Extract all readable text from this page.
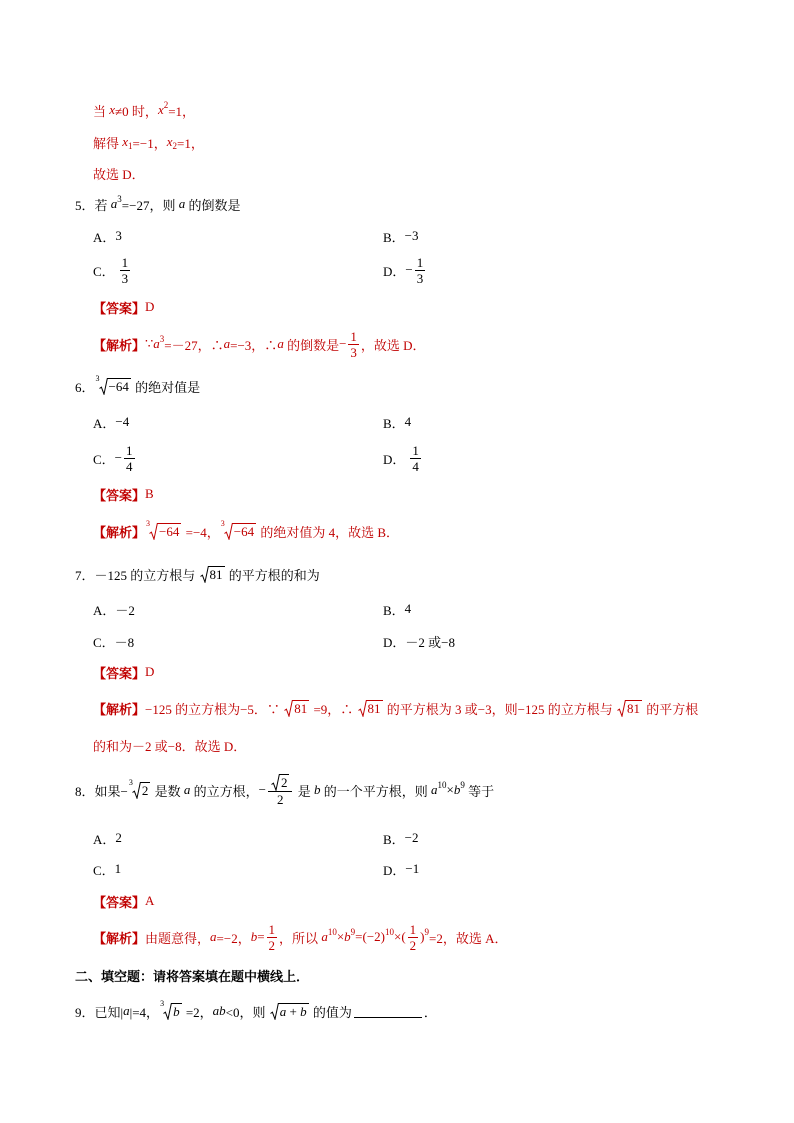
当 x ≠0 时， x 2 =1，
解得 x 1 =−1， x 2 =1，
故选 D．
5． 若 a 3 =−27，则 a 的倒数是
A． 3	B． −3
C． $\frac{1}{3}$	D． − $\frac{1}{3}$
【答案】 D
【解析】 ∵ a 3 =－27，∴ a =−3，∴ a 的倒数是 − $\frac{1}{3}$ ，故选 D．
6．
3
−64 的绝对值是
A． −4	B． 4
C． − $\frac{1}{4}$	D． $\frac{1}{4}$
【答案】 B
【解析】
3
−64 =−4，
3
−64 的绝对值为 4，故选 B．
7． －125 的立方根与 81 的平方根的和为
A． －2	B． 4
C． －8	D． －2 或−8
【答案】 D
【解析】 −125 的立方根为−5．∵ 81 =9，∴ 81 的平方根为 3 或−3，则−125 的立方根与 81 的平方根
的和为－2 或−8．故选 D．
8． 如果−
3
2 是数 a 的立方根， − $\frac{2}{2}$ 是 b 的一个平方根，则 a 10 × b 9 等于
A． 2	B． −2
C． 1	D． −1
【答案】 A
【解析】 由题意得， a =−2， $b = \frac{1}{2}$ ，所以 a 10 × b 9 =(−2) 10 ×( $\frac{1}{2}$ ) 9 =2，故选 A．
二、填空题：请将答案填在题中横线上．
9． 已知| a |=4，
3
b =2， ab <0，则 a + b 的值为	．
